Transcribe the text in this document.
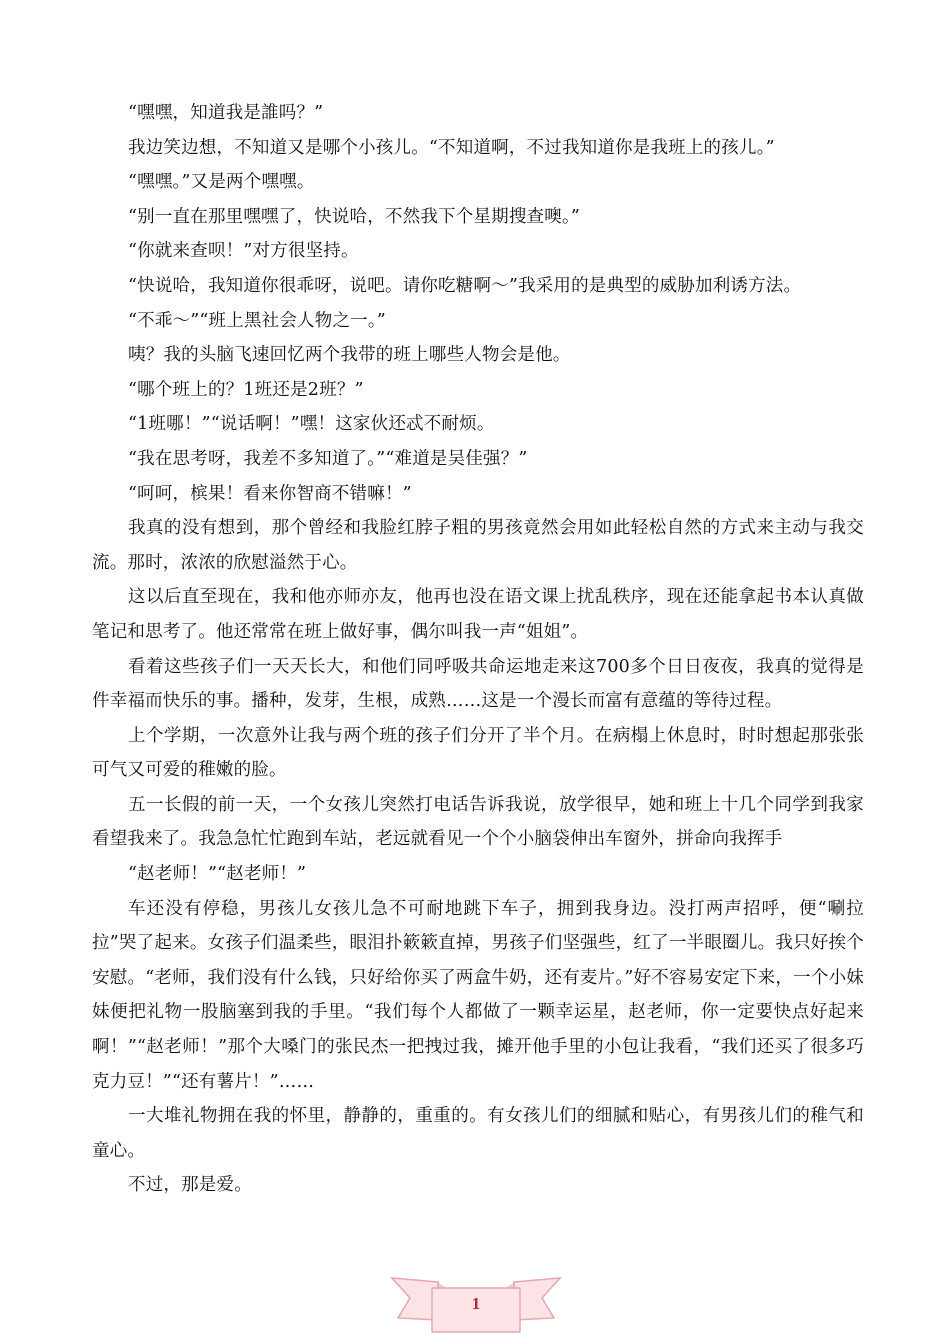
“嘿嘿，知道我是誰吗？”

我边笑边想，不知道又是哪个小孩儿。“不知道啊，不过我知道你是我班上的孩儿。”

“嘿嘿。”又是两个嘿嘿。

“别一直在那里嘿嘿了，快说哈，不然我下个星期搜查噢。”

“你就来查呗！”对方很坚持。

“快说哈，我知道你很乖呀，说吧。请你吃糖啊～”我采用的是典型的威胁加利诱方法。

“不乖～”“班上黑社会人物之一。”

咦？我的头脑飞速回忆两个我带的班上哪些人物会是他。

“哪个班上的？1班还是2班？”

“1班哪！”“说话啊！”嘿！这家伙还忒不耐烦。

“我在思考呀，我差不多知道了。”“难道是吴佳强？”

“呵呵，槟果！看来你智商不错嘛！”

我真的没有想到，那个曾经和我脸红脖子粗的男孩竟然会用如此轻松自然的方式来主动与我交流。那时，浓浓的欣慰溢然于心。

这以后直至现在，我和他亦师亦友，他再也没在语文课上扰乱秩序，现在还能拿起书本认真做笔记和思考了。他还常常在班上做好事，偶尔叫我一声“姐姐”。

看着这些孩子们一天天长大，和他们同呼吸共命运地走来这700多个日日夜夜，我真的觉得是件幸福而快乐的事。播种，发芽，生根，成熟……这是一个漫长而富有意蕴的等待过程。

上个学期，一次意外让我与两个班的孩子们分开了半个月。在病榻上休息时，时时想起那张张可气又可爱的稚嫩的脸。

五一长假的前一天，一个女孩儿突然打电话告诉我说，放学很早，她和班上十几个同学到我家看望我来了。我急急忙忙跑到车站，老远就看见一个个小脑袋伸出车窗外，拼命向我挥手

“赵老师！”“赵老师！”

车还没有停稳，男孩儿女孩儿急不可耐地跳下车子，拥到我身边。没打两声招呼，便“唰拉拉”哭了起来。女孩子们温柔些，眼泪扑簌簌直掉，男孩子们坚强些，红了一半眼圈儿。我只好挨个安慰。“老师，我们没有什么钱，只好给你买了两盒牛奶，还有麦片。”好不容易安定下来，一个小妹妹便把礼物一股脑塞到我的手里。“我们每个人都做了一颗幸运星，赵老师，你一定要快点好起来啊！”“赵老师！”那个大嗓门的张民杰一把拽过我，摊开他手里的小包让我看，“我们还买了很多巧克力豆！”“还有薯片！”……

一大堆礼物拥在我的怀里，静静的，重重的。有女孩儿们的细腻和贴心，有男孩儿们的稚气和童心。

不过，那是爱。

1
